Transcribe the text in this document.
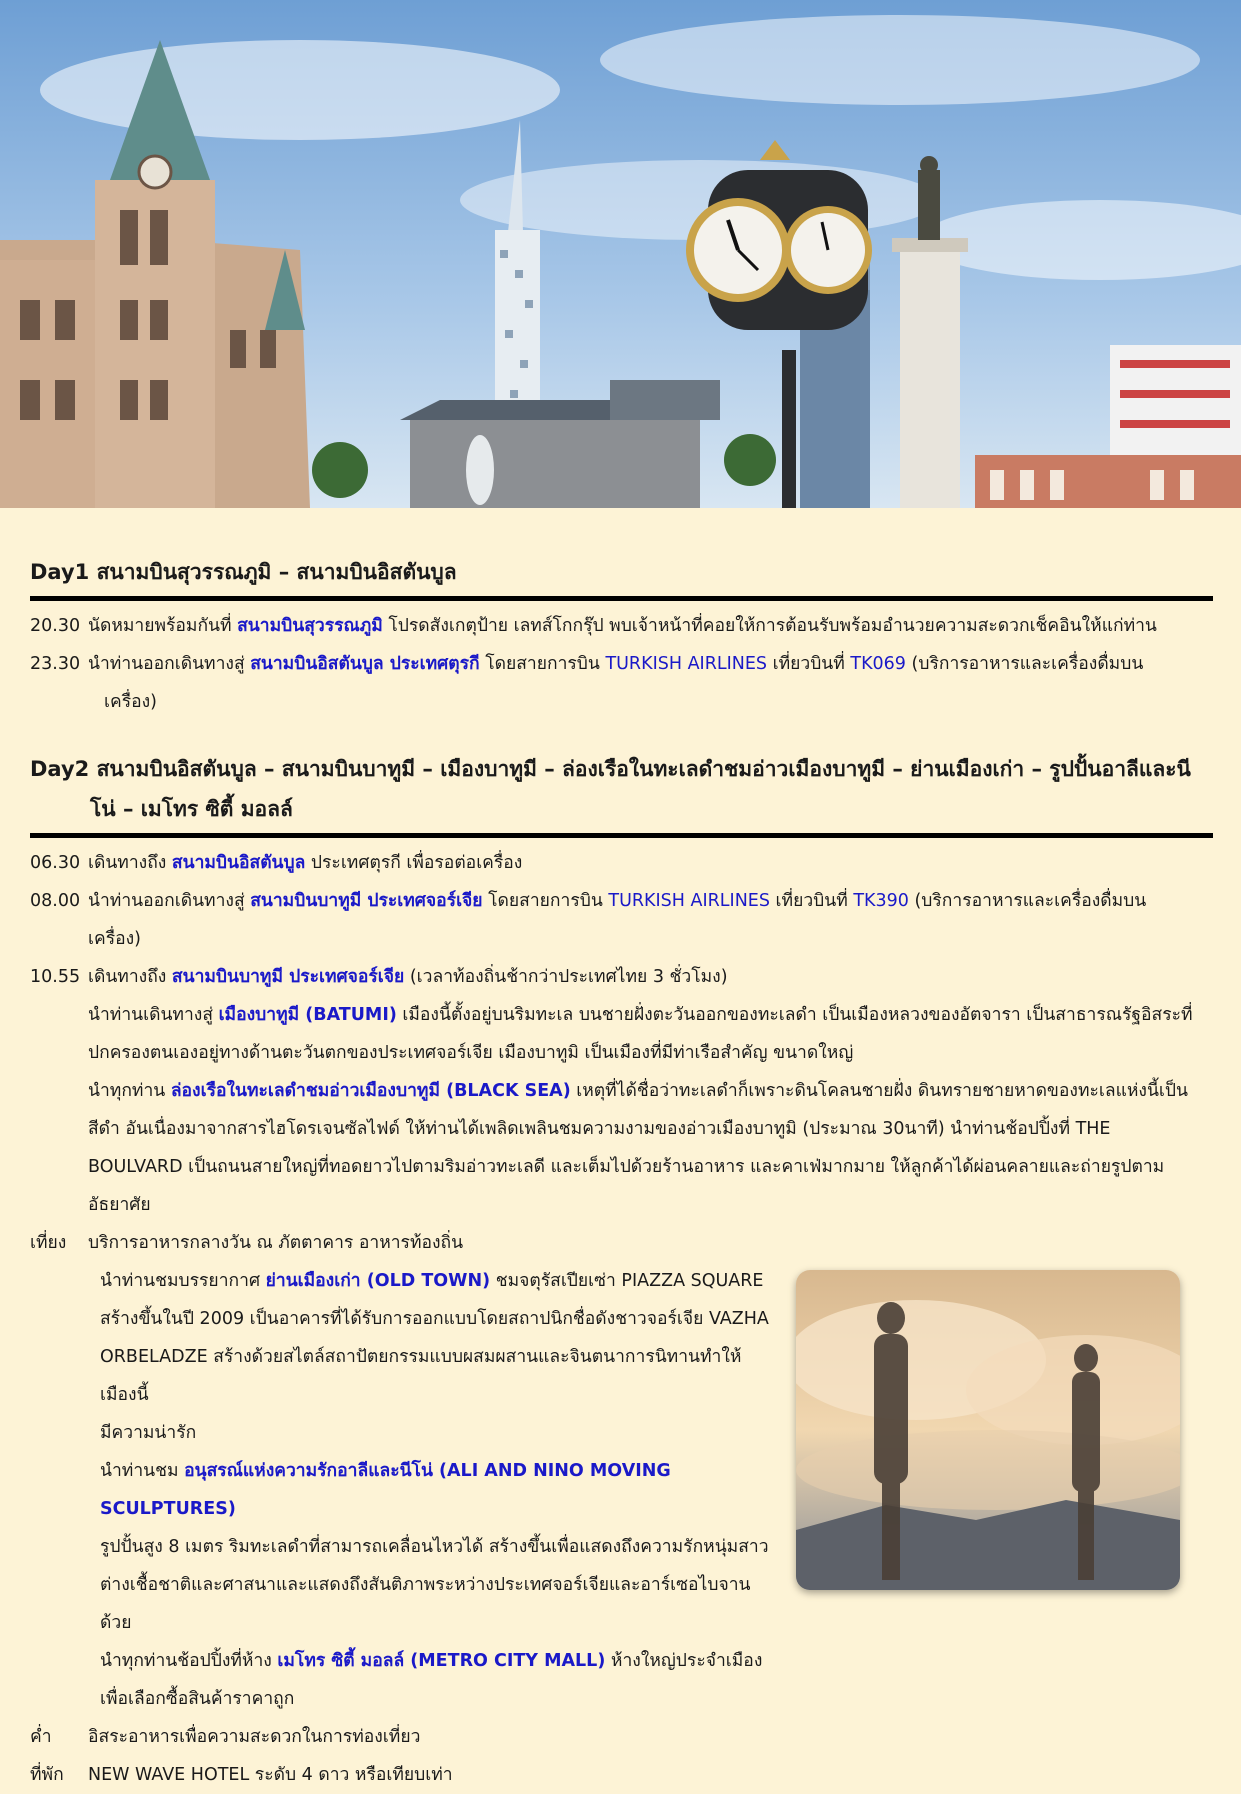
Day1 สนามบินสุวรรณภูมิ – สนามบินอิสตันบูล
20.30 นัดหมายพร้อมกันที่ สนามบินสุวรรณภูมิ โปรดสังเกตุป้าย เลทส์โกกรุ๊ป พบเจ้าหน้าที่คอยให้การต้อนรับพร้อมอำนวยความสะดวกเช็คอินให้แก่ท่าน
23.30 นำท่านออกเดินทางสู่ สนามบินอิสตันบูล ประเทศตุรกี โดยสายการบิน TURKISH AIRLINES เที่ยวบินที่ TK069 (บริการอาหารและเครื่องดื่มบน
เครื่อง)
Day2 สนามบินอิสตันบูล – สนามบินบาทูมี – เมืองบาทูมี – ล่องเรือในทะเลดำชมอ่าวเมืองบาทูมี – ย่านเมืองเก่า – รูปปั้นอาลีและนี
โน่ – เมโทร ซิตี้ มอลล์
06.30 เดินทางถึง สนามบินอิสตันบูล ประเทศตุรกี เพื่อรอต่อเครื่อง
08.00 นำท่านออกเดินทางสู่ สนามบินบาทูมี ประเทศจอร์เจีย โดยสายการบิน TURKISH AIRLINES เที่ยวบินที่ TK390 (บริการอาหารและเครื่องดื่มบน
เครื่อง)
10.55 เดินทางถึง สนามบินบาทูมี ประเทศจอร์เจีย (เวลาท้องถิ่นช้ากว่าประเทศไทย 3 ชั่วโมง)
นำท่านเดินทางสู่ เมืองบาทูมี (BATUMI) เมืองนี้ตั้งอยู่บนริมทะเล บนชายฝั่งตะวันออกของทะเลดำ เป็นเมืองหลวงของอัตจารา เป็นสาธารณรัฐอิสระที่
ปกครองตนเองอยู่ทางด้านตะวันตกของประเทศจอร์เจีย เมืองบาทูมิ เป็นเมืองที่มีท่าเรือสำคัญ ขนาดใหญ่
นำทุกท่าน ล่องเรือในทะเลดำชมอ่าวเมืองบาทูมี (BLACK SEA) เหตุที่ได้ชื่อว่าทะเลดำก็เพราะดินโคลนชายฝั่ง ดินทรายชายหาดของทะเลแห่งนี้เป็น
สีดำ อันเนื่องมาจากสารไฮโดรเจนซัลไฟด์ ให้ท่านได้เพลิดเพลินชมความงามของอ่าวเมืองบาทูมิ (ประมาณ 30นาที) นำท่านช้อปปิ้งที่ THE
BOULVARD เป็นถนนสายใหญ่ที่ทอดยาวไปตามริมอ่าวทะเลดี และเต็มไปด้วยร้านอาหาร และคาเฟ่มากมาย ให้ลูกค้าได้ผ่อนคลายและถ่ายรูปตาม
อัธยาศัย
เที่ยง	บริการอาหารกลางวัน ณ ภัตตาคาร อาหารท้องถิ่น
นำท่านชมบรรยากาศ ย่านเมืองเก่า (OLD TOWN) ชมจตุรัสเปียเซ่า PIAZZA SQUARE
สร้างขึ้นในปี 2009 เป็นอาคารที่ได้รับการออกแบบโดยสถาปนิกชื่อดังชาวจอร์เจีย VAZHA
ORBELADZE สร้างด้วยสไตล์สถาปัตยกรรมแบบผสมผสานและจินตนาการนิทานทำให้เมืองนี้
มีความน่ารัก
นำท่านชม อนุสรณ์แห่งความรักอาลีและนีโน่ (ALI AND NINO MOVING SCULPTURES)
รูปปั้นสูง 8 เมตร ริมทะเลดำที่สามารถเคลื่อนไหวได้ สร้างขึ้นเพื่อแสดงถึงความรักหนุ่มสาว
ต่างเชื้อชาติและศาสนาและแสดงถึงสันติภาพระหว่างประเทศจอร์เจียและอาร์เซอไบจานด้วย
นำทุกท่านช้อปปิ้งที่ห้าง เมโทร ซิตี้ มอลล์ (METRO CITY MALL) ห้างใหญ่ประจำเมือง
เพื่อเลือกซื้อสินค้าราคาถูก
ค่ำ	อิสระอาหารเพื่อความสะดวกในการท่องเที่ยว
ที่พัก	NEW WAVE HOTEL ระดับ 4 ดาว หรือเทียบเท่า
